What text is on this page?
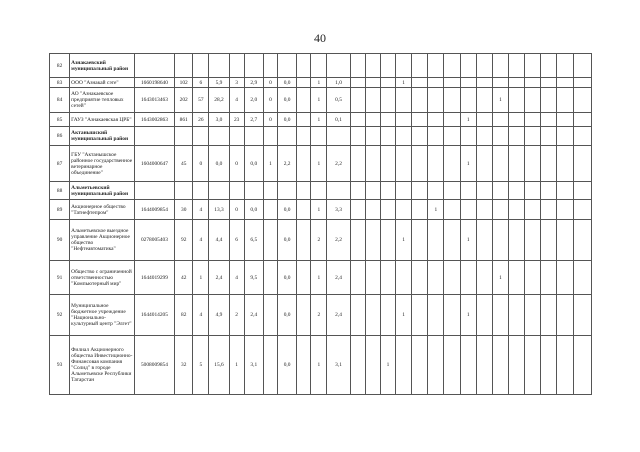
40
82	Азнакаевский муниципальный район																										
83	ООО "Азнакай сэте"	1660198640	102	6	5,9	3	2,9	0	0,0		1	1,0				1											
84	АО "Азнакаевское предприятие тепловых сетей"	1643013463	202	57	28,2	4	2,0	0	0,0		1	0,5										1					
85	ГАУЗ "Азнакаевская ЦРБ"	1643002863	861	26	3,0	23	2,7	0	0,0		1	0,1								1							
86	Актанышский муниципальный район																										
87	ГБУ "Актанышское районное государственное ветеринарное объединение"	1604000647	45	0	0,0	0	0,0	1	2,2		1	2,2								1							
88	Альметьевский муниципальный район																										
89	Акционерное общество "Татнефтепром"	1644009854	30	4	13,3	0	0,0		0,0		1	3,3						1									
90	Альметьевское выездное управление Акционерное общество "Нефтеавтоматика"	0278005403	92	4	4,4	6	6,5		0,0		2	2,2				1				1							
91	Общество с ограниченной ответственностью "Компьютерный мир"	1644019299	42	1	2,4	4	9,5		0,0		1	2,4										1					
92	Муниципальное бюджетное учреждение "Национально-культурный центр "Элгет"	1644014205	82	4	4,9	2	2,4		0,0		2	2,4				1				1							
93	Филиал Акционерного общества Инвестиционно-Финансовая компания "Солид" в городе Альметьевске Республики Татарстан	5008009854	32	5	15,6	1	3,1		0,0		1	3,1			1												
